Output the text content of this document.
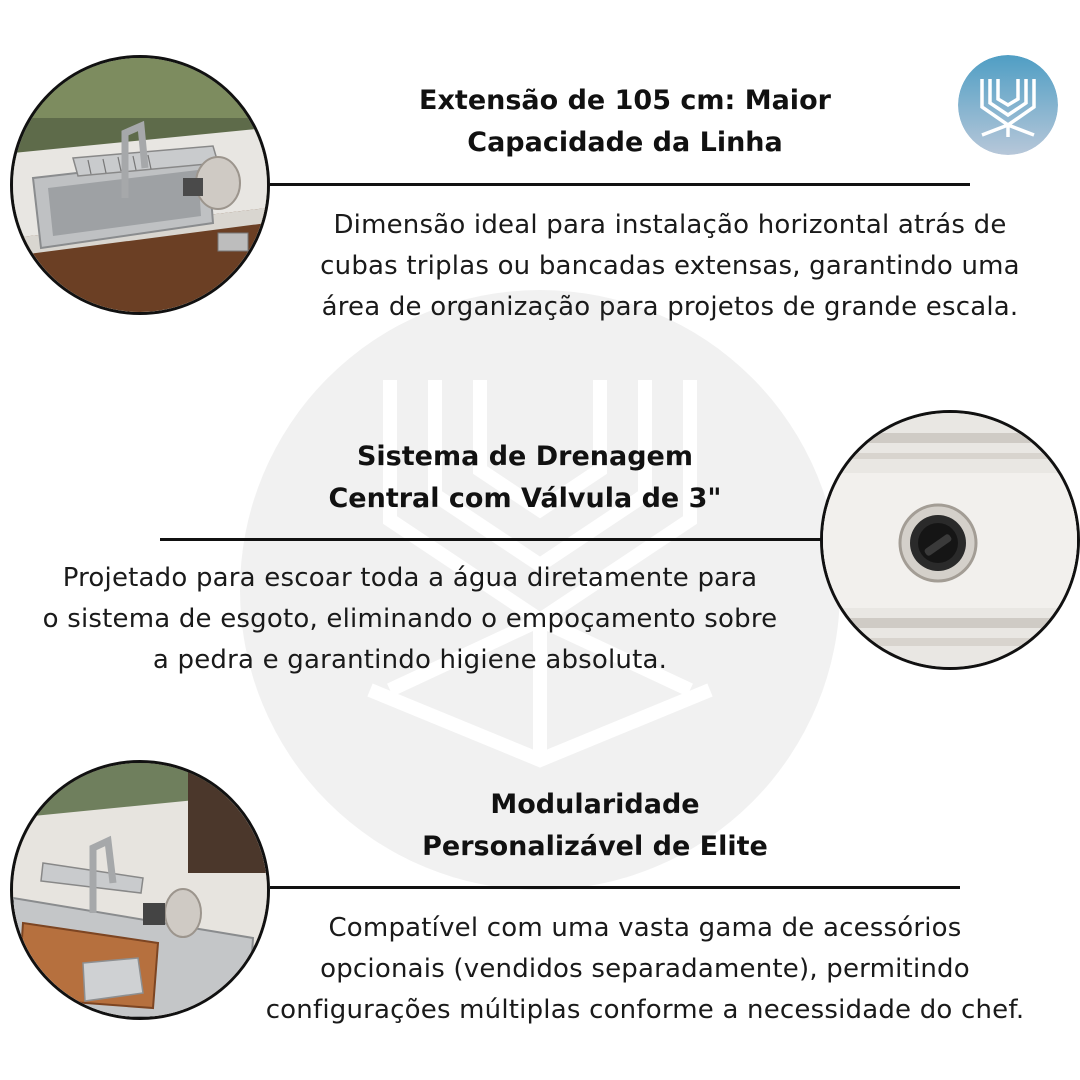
Extensão de 105 cm: Maior
Capacidade da Linha
Dimensão ideal para instalação horizontal atrás de
cubas triplas ou bancadas extensas, garantindo uma
área de organização para projetos de grande escala.
Sistema de Drenagem
Central com Válvula de 3"
Projetado para escoar toda a água diretamente para
o sistema de esgoto, eliminando o empoçamento sobre
a pedra e garantindo higiene absoluta.
Modularidade
Personalizável de Elite
Compatível com uma vasta gama de acessórios
opcionais (vendidos separadamente), permitindo
configurações múltiplas conforme a necessidade do chef.
